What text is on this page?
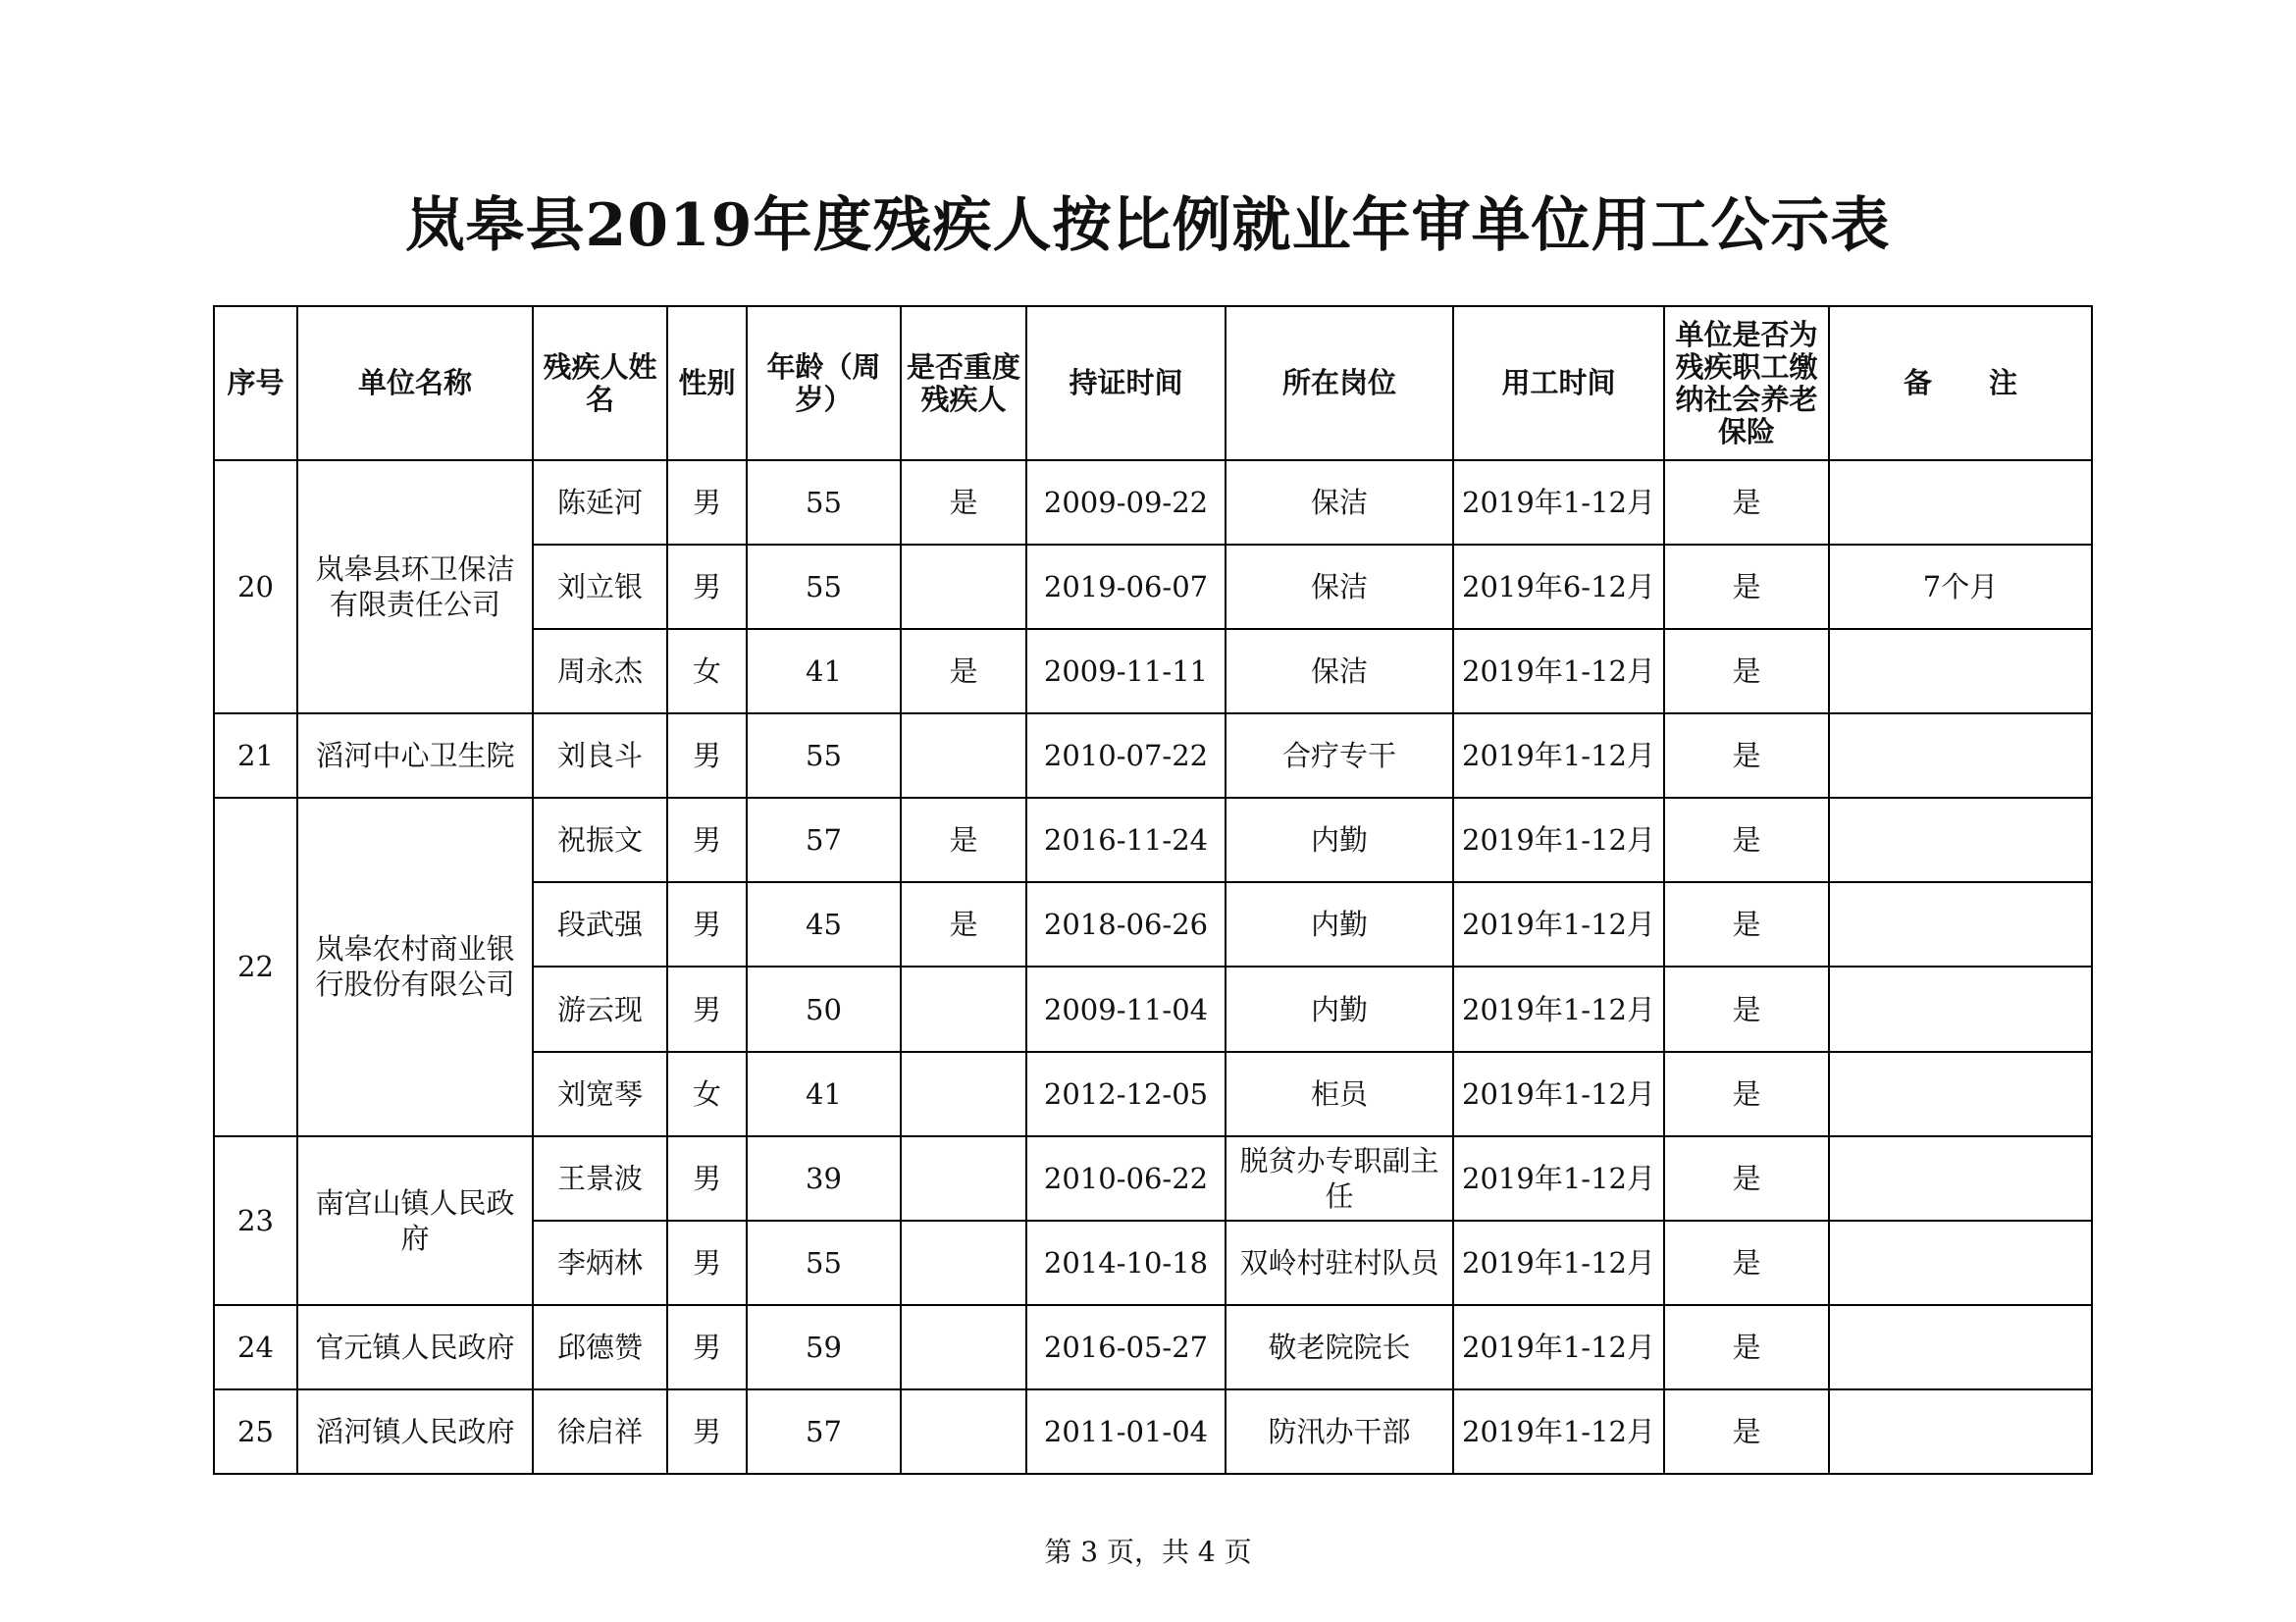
岚皋县2019年度残疾人按比例就业年审单位用工公示表
序号	单位名称	残疾人姓名	性别	年龄（周岁）	是否重度残疾人	持证时间	所在岗位	用工时间	单位是否为残疾职工缴纳社会养老保险	备　　注
20	岚皋县环卫保洁有限责任公司	陈延河	男	55	是	2009-09-22	保洁	2019年1-12月	是	
		刘立银	男	55		2019-06-07	保洁	2019年6-12月	是	7个月
		周永杰	女	41	是	2009-11-11	保洁	2019年1-12月	是	
21	滔河中心卫生院	刘良斗	男	55		2010-07-22	合疗专干	2019年1-12月	是	
22	岚皋农村商业银行股份有限公司	祝振文	男	57	是	2016-11-24	内勤	2019年1-12月	是	
		段武强	男	45	是	2018-06-26	内勤	2019年1-12月	是	
		游云现	男	50		2009-11-04	内勤	2019年1-12月	是	
		刘宽琴	女	41		2012-12-05	柜员	2019年1-12月	是	
23	南宫山镇人民政府	王景波	男	39		2010-06-22	脱贫办专职副主任	2019年1-12月	是	
		李炳林	男	55		2014-10-18	双岭村驻村队员	2019年1-12月	是	
24	官元镇人民政府	邱德赞	男	59		2016-05-27	敬老院院长	2019年1-12月	是	
25	滔河镇人民政府	徐启祥	男	57		2011-01-04	防汛办干部	2019年1-12月	是	
第 3 页，共 4 页
